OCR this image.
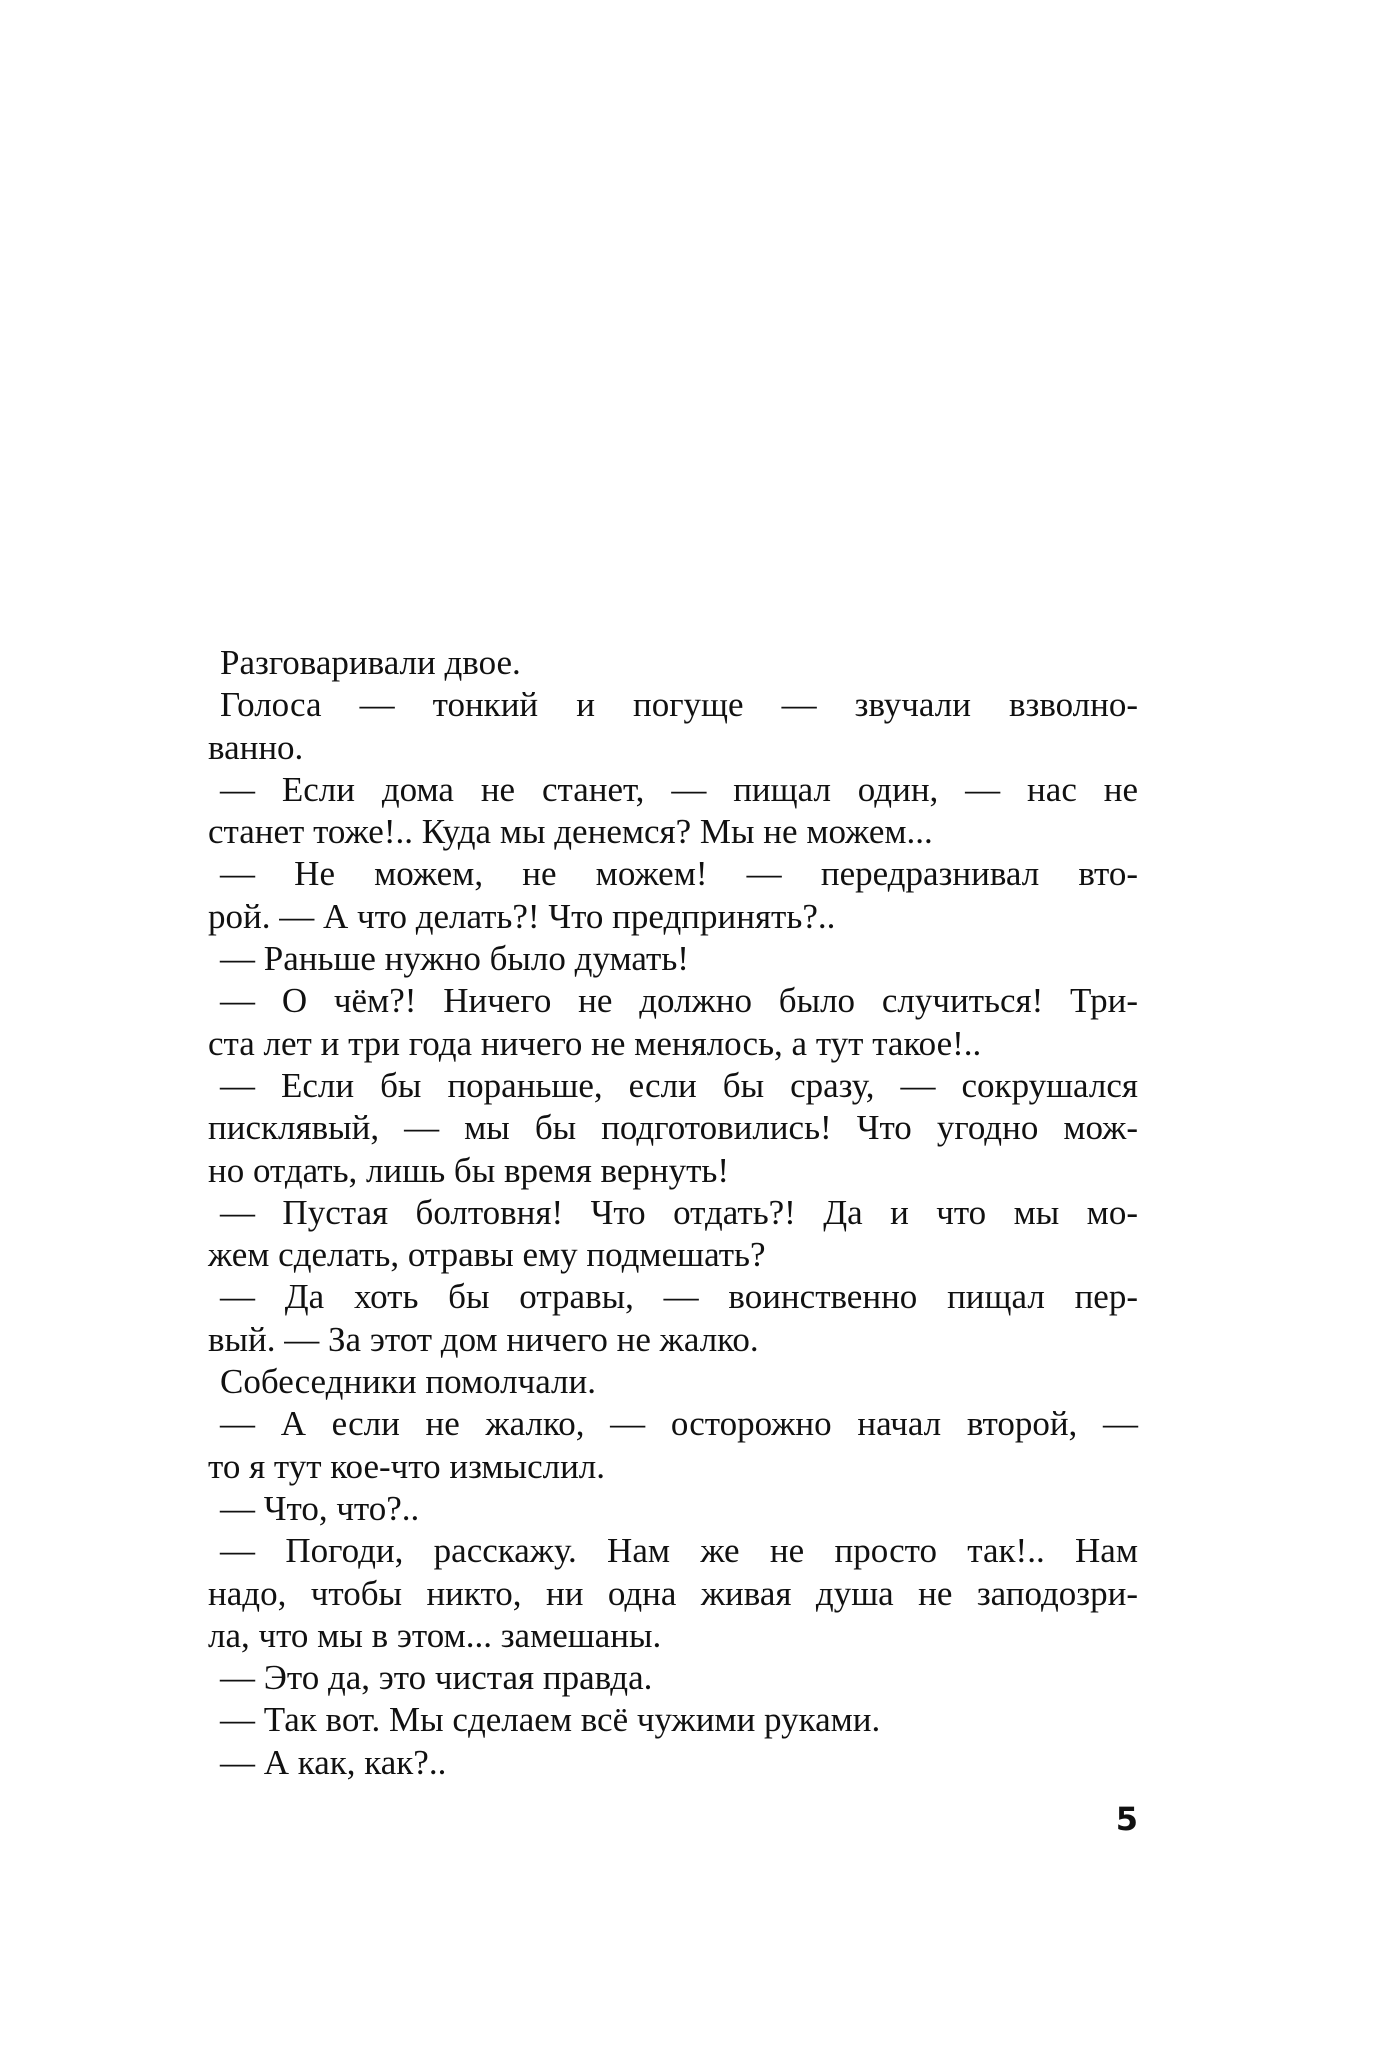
Разговаривали двое.
Голоса — тонкий и погуще — звучали взволно-
ванно.
— Если дома не станет, — пищал один, — нас не
станет тоже!.. Куда мы денемся? Мы не можем...
— Не можем, не можем! — передразнивал вто-
рой. — А что делать?! Что предпринять?..
— Раньше нужно было думать!
— О чём?! Ничего не должно было случиться! Три-
ста лет и три года ничего не менялось, а тут такое!..
— Если бы пораньше, если бы сразу, — сокрушался
писклявый, — мы бы подготовились! Что угодно мож-
но отдать, лишь бы время вернуть!
— Пустая болтовня! Что отдать?! Да и что мы мо-
жем сделать, отравы ему подмешать?
— Да хоть бы отравы, — воинственно пищал пер-
вый. — За этот дом ничего не жалко.
Собеседники помолчали.
— А если не жалко, — осторожно начал второй, —
то я тут кое-что измыслил.
— Что, что?..
— Погоди, расскажу. Нам же не просто так!.. Нам
надо, чтобы никто, ни одна живая душа не заподозри-
ла, что мы в этом... замешаны.
— Это да, это чистая правда.
— Так вот. Мы сделаем всё чужими руками.
— А как, как?..
5
